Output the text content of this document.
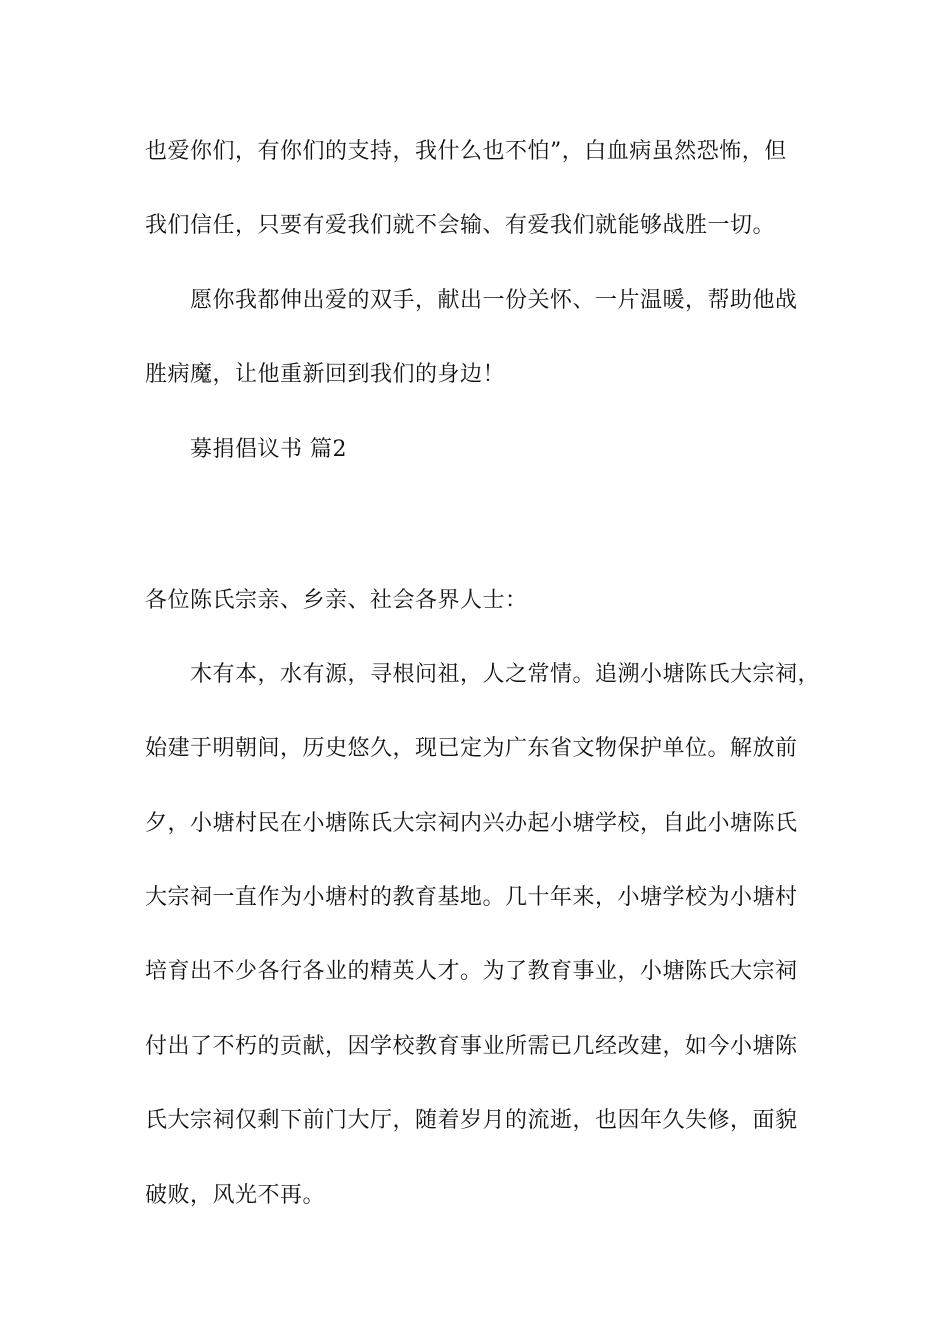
也爱你们，有你们的支持，我什么也不怕”，白血病虽然恐怖，但
我们信任，只要有爱我们就不会输、有爱我们就能够战胜一切。
愿你我都伸出爱的双手，献出一份关怀、一片温暖，帮助他战
胜病魔，让他重新回到我们的身边！
募捐倡议书 篇2
各位陈氏宗亲、乡亲、社会各界人士：
木有本，水有源，寻根问祖，人之常情。追溯小塘陈氏大宗祠，
始建于明朝间，历史悠久，现已定为广东省文物保护单位。解放前
夕，小塘村民在小塘陈氏大宗祠内兴办起小塘学校，自此小塘陈氏
大宗祠一直作为小塘村的教育基地。几十年来，小塘学校为小塘村
培育出不少各行各业的精英人才。为了教育事业，小塘陈氏大宗祠
付出了不朽的贡献，因学校教育事业所需已几经改建，如今小塘陈
氏大宗祠仅剩下前门大厅，随着岁月的流逝，也因年久失修，面貌
破败，风光不再。
